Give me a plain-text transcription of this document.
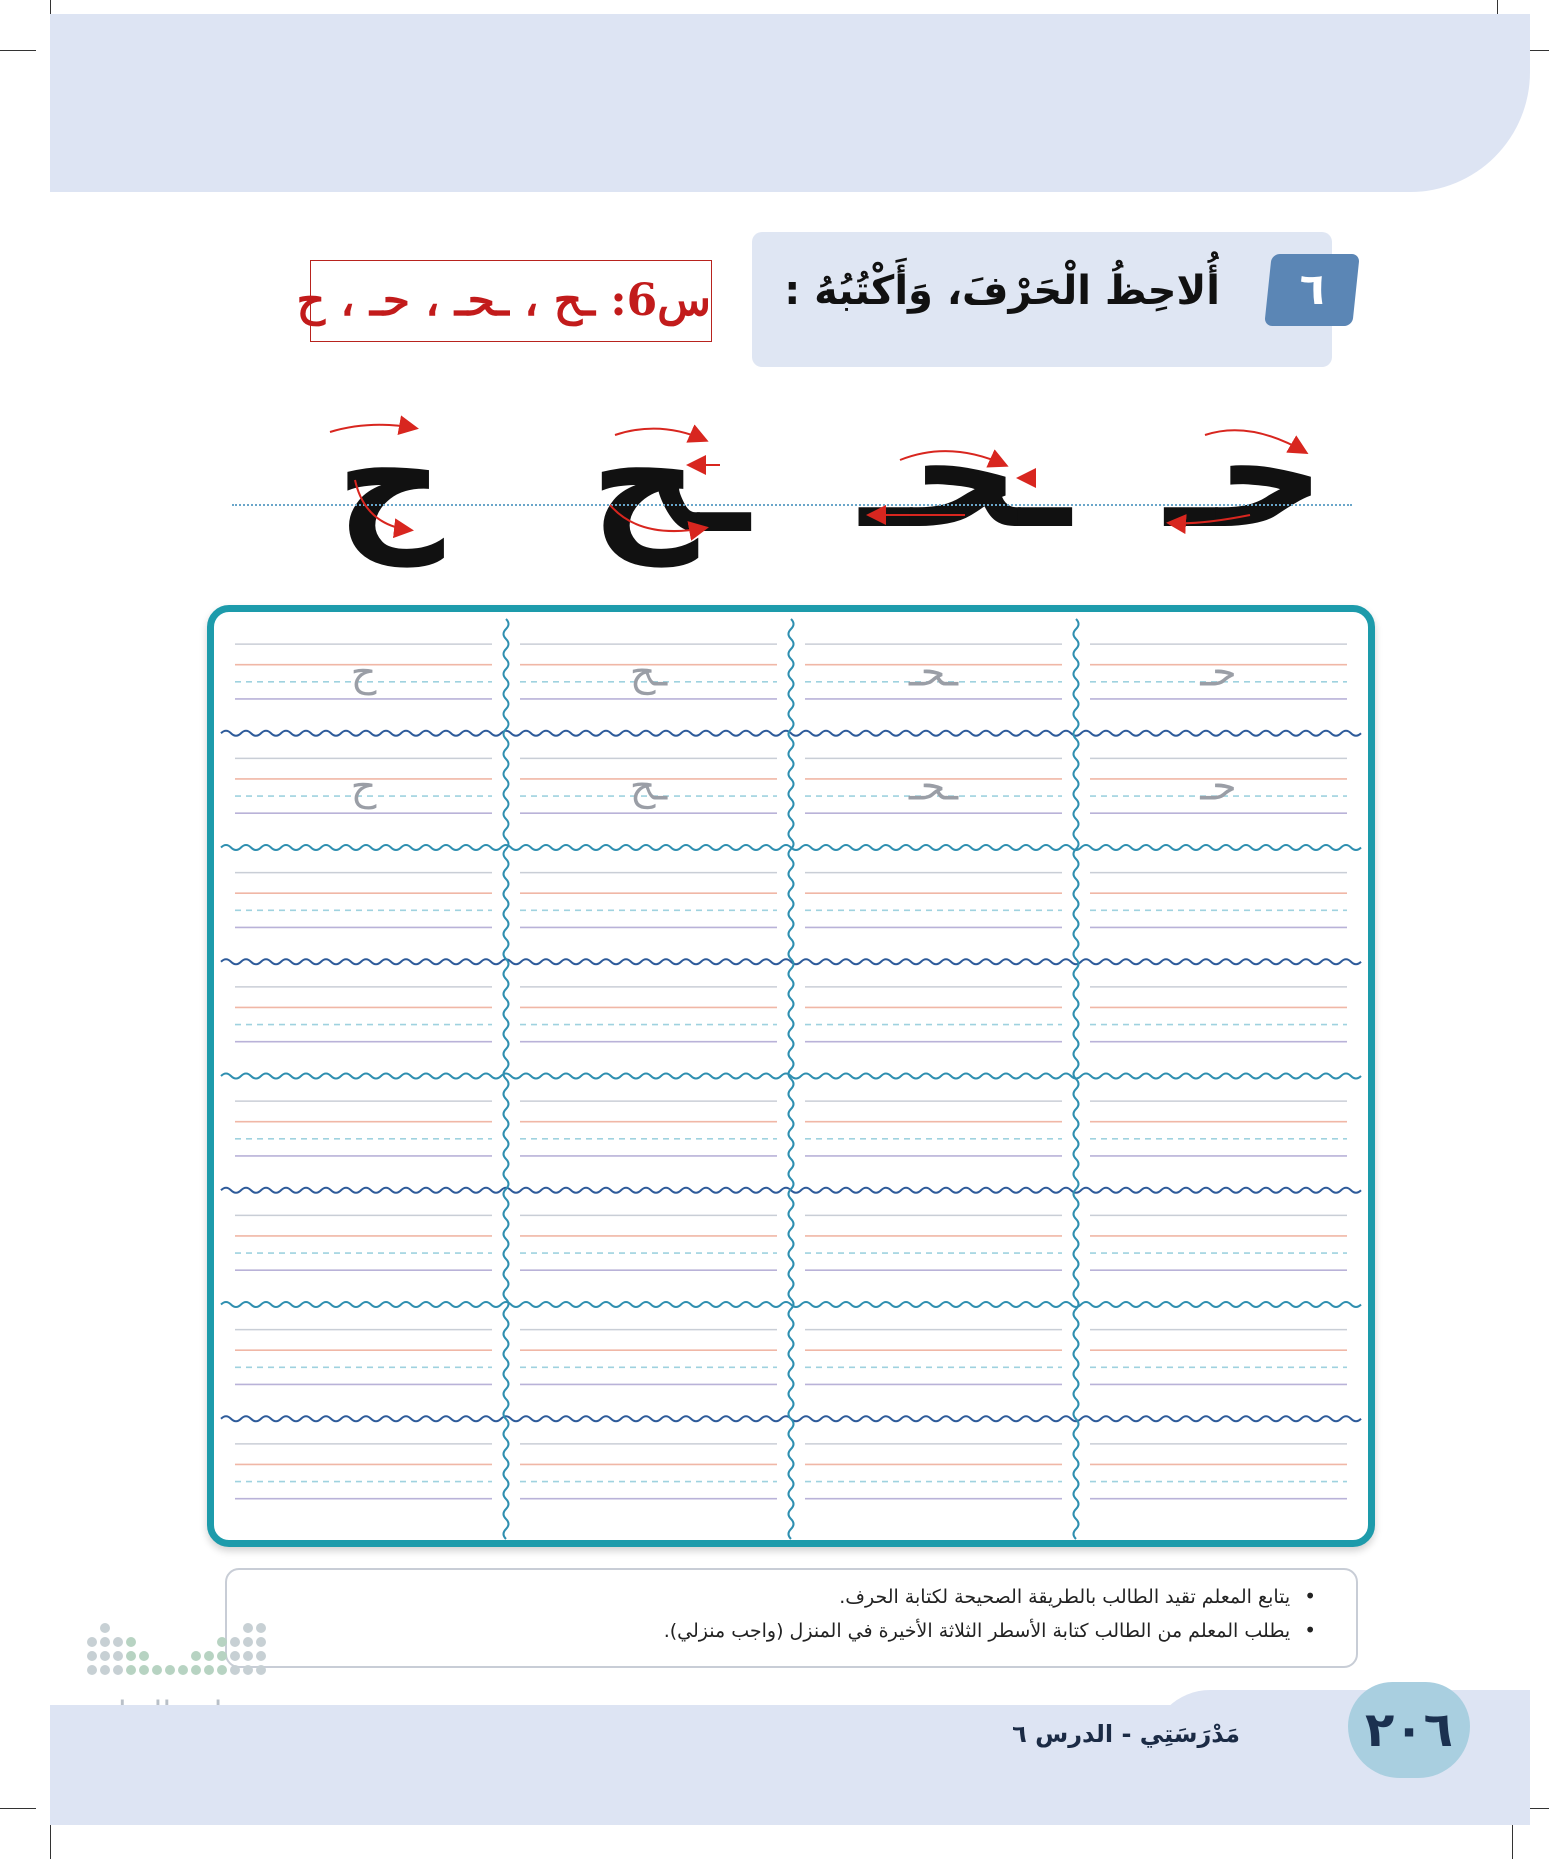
٦
أُلاحِظُ الْحَرْفَ، وَأَكْتُبُهُ :
س6: ـح ، ـحـ ، حـ ، ح
حـ
ـحـ
ـح
ح
ح	ـح	ـحـ	حـ
ح	ـح	ـحـ	حـ
• يتابع المعلم تقيد الطالب بالطريقة الصحيحة لكتابة الحرف.
• يطلب المعلم من الطالب كتابة الأسطر الثلاثة الأخيرة في المنزل (واجب منزلي).
مَدْرَسَتِي - الدرس ٦	٢٠٦
